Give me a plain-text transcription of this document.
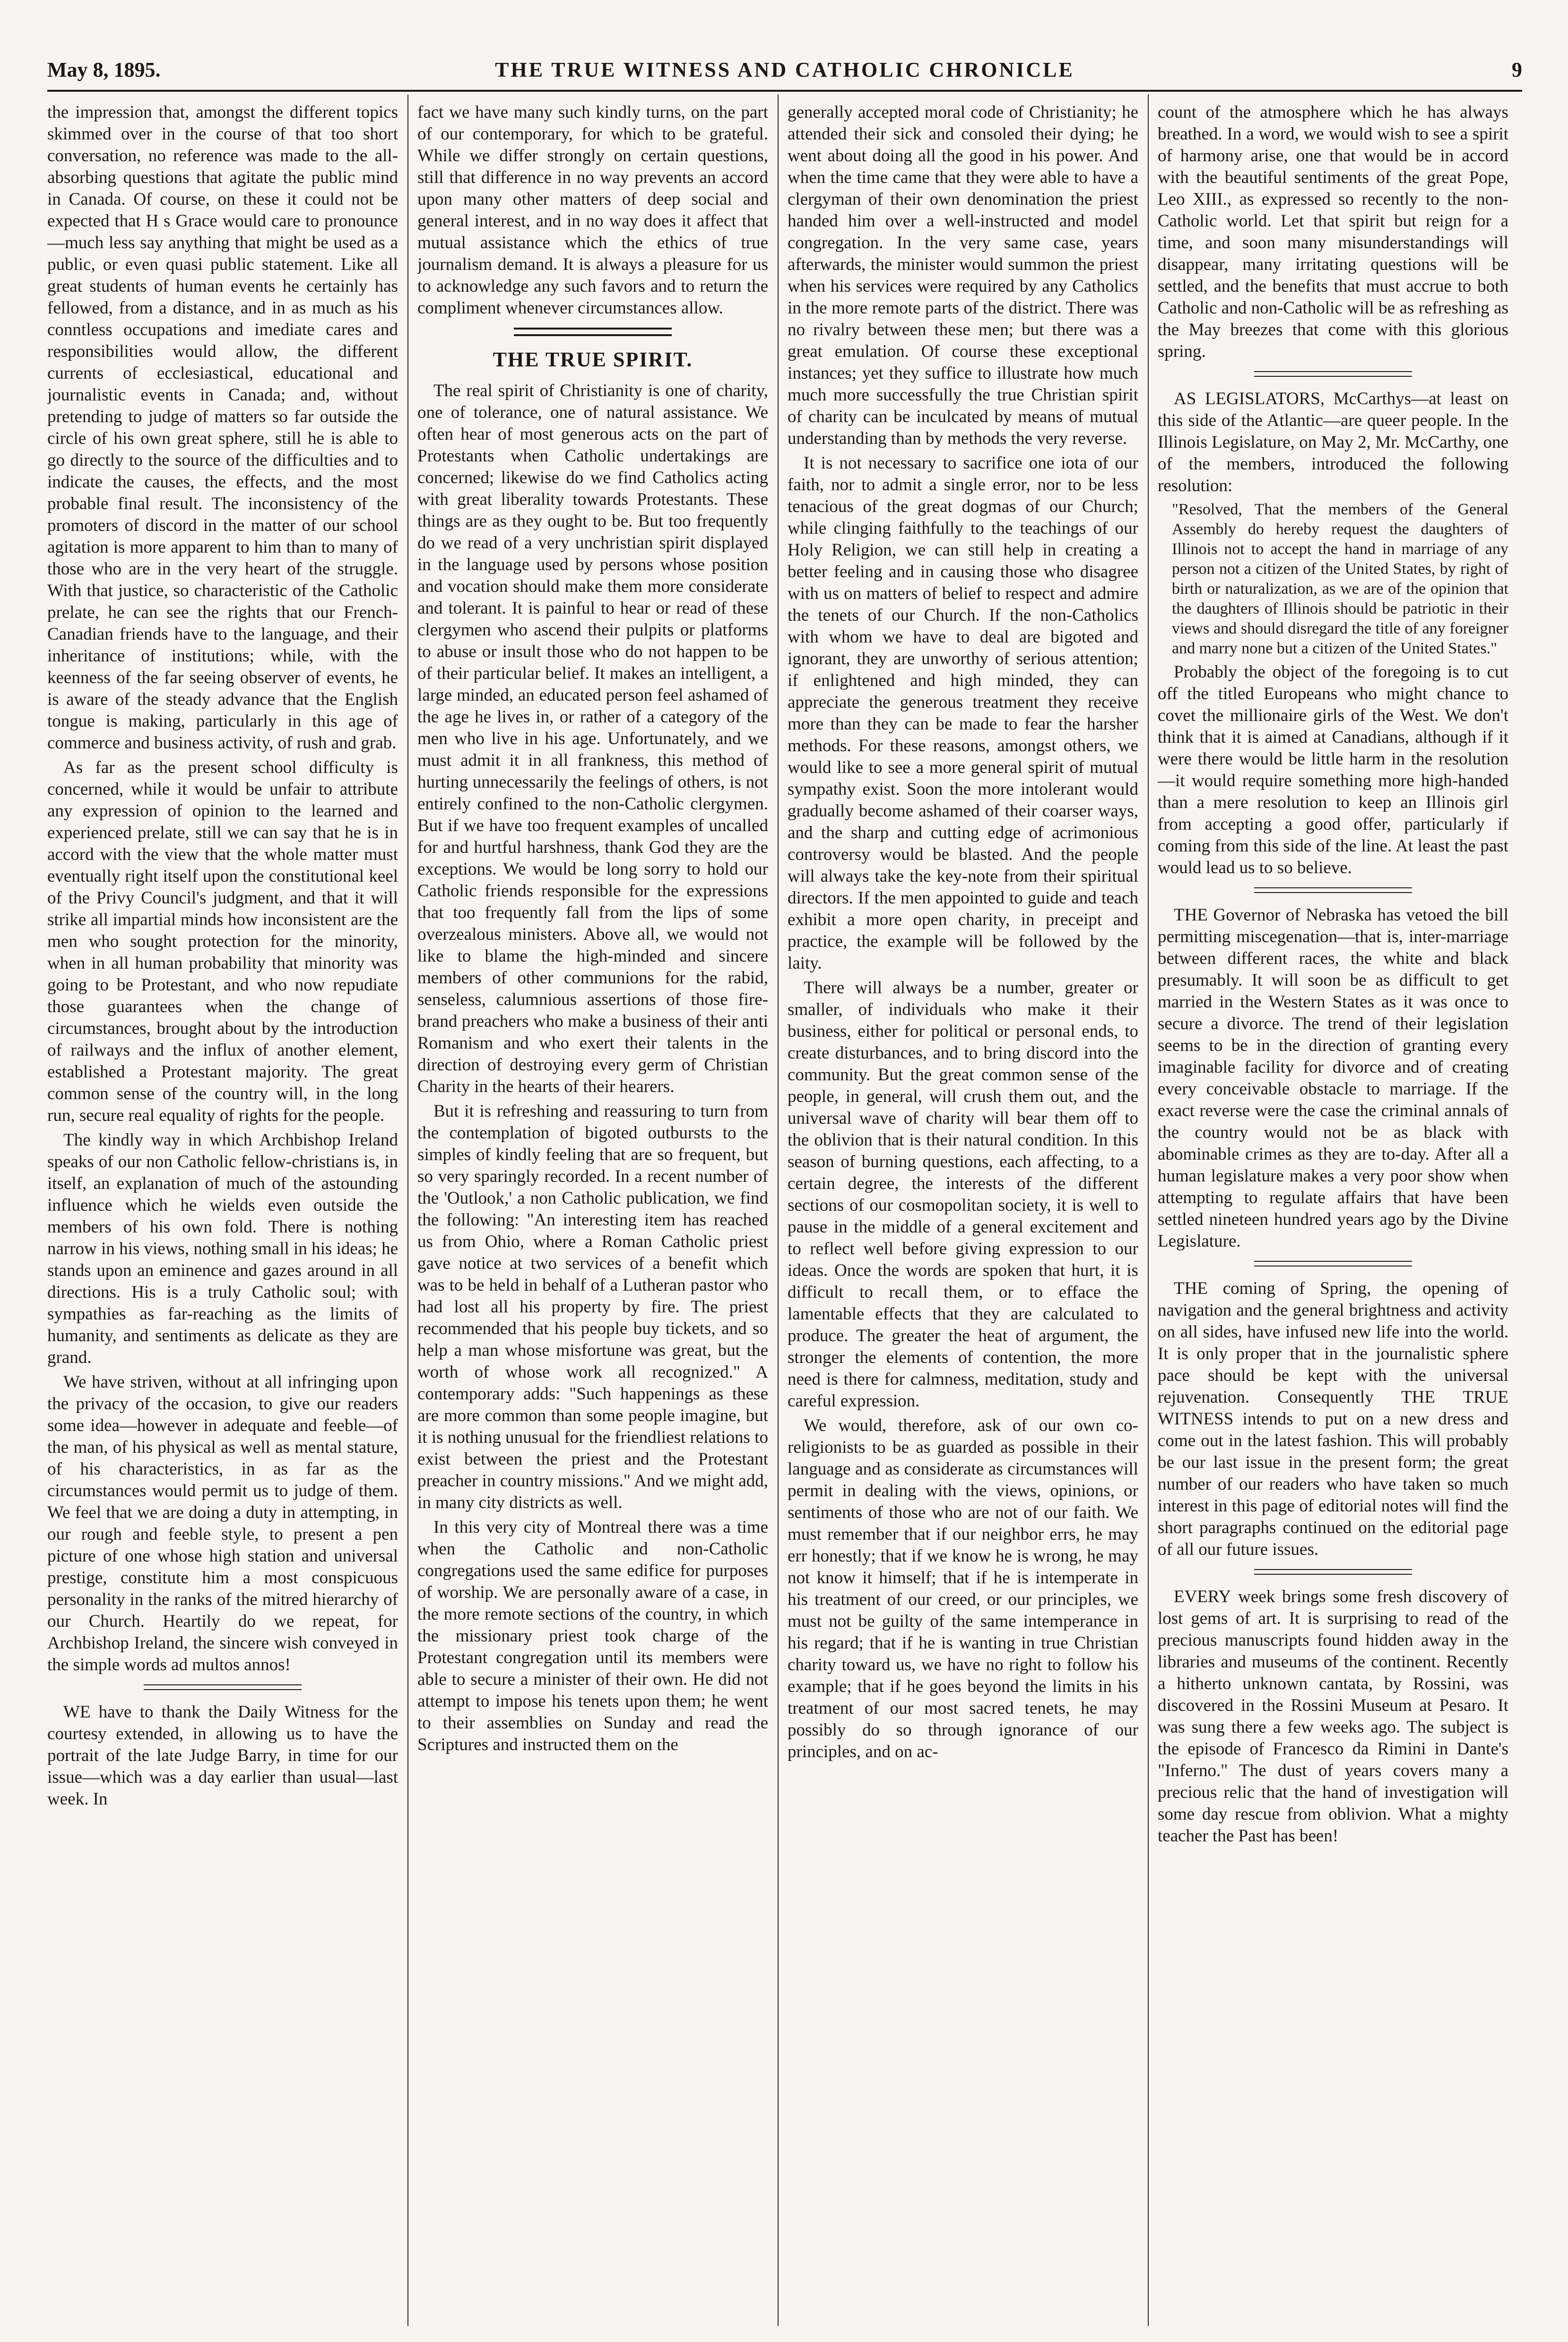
May 8, 1895.	THE TRUE WITNESS AND CATHOLIC CHRONICLE	9

the impression that, amongst the different topics skimmed over in the course of that too short conversation, no reference was made to the all-absorbing questions that agitate the public mind in Canada. Of course, on these it could not be expected that H s Grace would care to pronounce—much less say anything that might be used as a public, or even quasi public statement. Like all great students of human events he certainly has fellowed, from a distance, and in as much as his conntless occupations and imediate cares and responsibilities would allow, the different currents of ecclesiastical, educational and journalistic events in Canada; and, without pretending to judge of matters so far outside the circle of his own great sphere, still he is able to go directly to the source of the difficulties and to indicate the causes, the effects, and the most probable final result. The inconsistency of the promoters of discord in the matter of our school agitation is more apparent to him than to many of those who are in the very heart of the struggle. With that justice, so characteristic of the Catholic prelate, he can see the rights that our French-Canadian friends have to the language, and their inheritance of institutions; while, with the keenness of the far seeing observer of events, he is aware of the steady advance that the English tongue is making, particularly in this age of commerce and business activity, of rush and grab.

As far as the present school difficulty is concerned, while it would be unfair to attribute any expression of opinion to the learned and experienced prelate, still we can say that he is in accord with the view that the whole matter must eventually right itself upon the constitutional keel of the Privy Council's judgment, and that it will strike all impartial minds how inconsistent are the men who sought protection for the minority, when in all human probability that minority was going to be Protestant, and who now repudiate those guarantees when the change of circumstances, brought about by the introduction of railways and the influx of another element, established a Protestant majority. The great common sense of the country will, in the long run, secure real equality of rights for the people.

The kindly way in which Archbishop Ireland speaks of our non Catholic fellow-christians is, in itself, an explanation of much of the astounding influence which he wields even outside the members of his own fold. There is nothing narrow in his views, nothing small in his ideas; he stands upon an eminence and gazes around in all directions. His is a truly Catholic soul; with sympathies as far-reaching as the limits of humanity, and sentiments as delicate as they are grand.

We have striven, without at all infringing upon the privacy of the occasion, to give our readers some idea—however in adequate and feeble—of the man, of his physical as well as mental stature, of his characteristics, in as far as the circumstances would permit us to judge of them. We feel that we are doing a duty in attempting, in our rough and feeble style, to present a pen picture of one whose high station and universal prestige, constitute him a most conspicuous personality in the ranks of the mitred hierarchy of our Church. Heartily do we repeat, for Archbishop Ireland, the sincere wish conveyed in the simple words ad multos annos!

WE have to thank the Daily Witness for the courtesy extended, in allowing us to have the portrait of the late Judge Barry, in time for our issue—which was a day earlier than usual—last week. In

fact we have many such kindly turns, on the part of our contemporary, for which to be grateful. While we differ strongly on certain questions, still that difference in no way prevents an accord upon many other matters of deep social and general interest, and in no way does it affect that mutual assistance which the ethics of true journalism demand. It is always a pleasure for us to acknowledge any such favors and to return the compliment whenever circumstances allow.

THE TRUE SPIRIT.

The real spirit of Christianity is one of charity, one of tolerance, one of natural assistance. We often hear of most generous acts on the part of Protestants when Catholic undertakings are concerned; likewise do we find Catholics acting with great liberality towards Protestants. These things are as they ought to be. But too frequently do we read of a very unchristian spirit displayed in the language used by persons whose position and vocation should make them more considerate and tolerant. It is painful to hear or read of these clergymen who ascend their pulpits or platforms to abuse or insult those who do not happen to be of their particular belief. It makes an intelligent, a large minded, an educated person feel ashamed of the age he lives in, or rather of a category of the men who live in his age. Unfortunately, and we must admit it in all frankness, this method of hurting unnecessarily the feelings of others, is not entirely confined to the non-Catholic clergymen. But if we have too frequent examples of uncalled for and hurtful harshness, thank God they are the exceptions. We would be long sorry to hold our Catholic friends responsible for the expressions that too frequently fall from the lips of some overzealous ministers. Above all, we would not like to blame the high-minded and sincere members of other communions for the rabid, senseless, calumnious assertions of those fire-brand preachers who make a business of their anti Romanism and who exert their talents in the direction of destroying every germ of Christian Charity in the hearts of their hearers.

But it is refreshing and reassuring to turn from the contemplation of bigoted outbursts to the simples of kindly feeling that are so frequent, but so very sparingly recorded. In a recent number of the 'Outlook,' a non Catholic publication, we find the following: "An interesting item has reached us from Ohio, where a Roman Catholic priest gave notice at two services of a benefit which was to be held in behalf of a Lutheran pastor who had lost all his property by fire. The priest recommended that his people buy tickets, and so help a man whose misfortune was great, but the worth of whose work all recognized." A contemporary adds: "Such happenings as these are more common than some people imagine, but it is nothing unusual for the friendliest relations to exist between the priest and the Protestant preacher in country missions." And we might add, in many city districts as well.

In this very city of Montreal there was a time when the Catholic and non-Catholic congregations used the same edifice for purposes of worship. We are personally aware of a case, in the more remote sections of the country, in which the missionary priest took charge of the Protestant congregation until its members were able to secure a minister of their own. He did not attempt to impose his tenets upon them; he went to their assemblies on Sunday and read the Scriptures and instructed them on the

generally accepted moral code of Christianity; he attended their sick and consoled their dying; he went about doing all the good in his power. And when the time came that they were able to have a clergyman of their own denomination the priest handed him over a well-instructed and model congregation. In the very same case, years afterwards, the minister would summon the priest when his services were required by any Catholics in the more remote parts of the district. There was no rivalry between these men; but there was a great emulation. Of course these exceptional instances; yet they suffice to illustrate how much much more successfully the true Christian spirit of charity can be inculcated by means of mutual understanding than by methods the very reverse.

It is not necessary to sacrifice one iota of our faith, nor to admit a single error, nor to be less tenacious of the great dogmas of our Church; while clinging faithfully to the teachings of our Holy Religion, we can still help in creating a better feeling and in causing those who disagree with us on matters of belief to respect and admire the tenets of our Church. If the non-Catholics with whom we have to deal are bigoted and ignorant, they are unworthy of serious attention; if enlightened and high minded, they can appreciate the generous treatment they receive more than they can be made to fear the harsher methods. For these reasons, amongst others, we would like to see a more general spirit of mutual sympathy exist. Soon the more intolerant would gradually become ashamed of their coarser ways, and the sharp and cutting edge of acrimonious controversy would be blasted. And the people will always take the key-note from their spiritual directors. If the men appointed to guide and teach exhibit a more open charity, in preceipt and practice, the example will be followed by the laity.

There will always be a number, greater or smaller, of individuals who make it their business, either for political or personal ends, to create disturbances, and to bring discord into the community. But the great common sense of the people, in general, will crush them out, and the universal wave of charity will bear them off to the oblivion that is their natural condition. In this season of burning questions, each affecting, to a certain degree, the interests of the different sections of our cosmopolitan society, it is well to pause in the middle of a general excitement and to reflect well before giving expression to our ideas. Once the words are spoken that hurt, it is difficult to recall them, or to efface the lamentable effects that they are calculated to produce. The greater the heat of argument, the stronger the elements of contention, the more need is there for calmness, meditation, study and careful expression.

We would, therefore, ask of our own co-religionists to be as guarded as possible in their language and as considerate as circumstances will permit in dealing with the views, opinions, or sentiments of those who are not of our faith. We must remember that if our neighbor errs, he may err honestly; that if we know he is wrong, he may not know it himself; that if he is intemperate in his treatment of our creed, or our principles, we must not be guilty of the same intemperance in his regard; that if he is wanting in true Christian charity toward us, we have no right to follow his example; that if he goes beyond the limits in his treatment of our most sacred tenets, he may possibly do so through ignorance of our principles, and on ac-

count of the atmosphere which he has always breathed. In a word, we would wish to see a spirit of harmony arise, one that would be in accord with the beautiful sentiments of the great Pope, Leo XIII., as expressed so recently to the non-Catholic world. Let that spirit but reign for a time, and soon many misunderstandings will disappear, many irritating questions will be settled, and the benefits that must accrue to both Catholic and non-Catholic will be as refreshing as the May breezes that come with this glorious spring.

AS LEGISLATORS, McCarthys—at least on this side of the Atlantic—are queer people. In the Illinois Legislature, on May 2, Mr. McCarthy, one of the members, introduced the following resolution:

"Resolved, That the members of the General Assembly do hereby request the daughters of Illinois not to accept the hand in marriage of any person not a citizen of the United States, by right of birth or naturalization, as we are of the opinion that the daughters of Illinois should be patriotic in their views and should disregard the title of any foreigner and marry none but a citizen of the United States."

Probably the object of the foregoing is to cut off the titled Europeans who might chance to covet the millionaire girls of the West. We don't think that it is aimed at Canadians, although if it were there would be little harm in the resolution—it would require something more high-handed than a mere resolution to keep an Illinois girl from accepting a good offer, particularly if coming from this side of the line. At least the past would lead us to so believe.

THE Governor of Nebraska has vetoed the bill permitting miscegenation—that is, inter-marriage between different races, the white and black presumably. It will soon be as difficult to get married in the Western States as it was once to secure a divorce. The trend of their legislation seems to be in the direction of granting every imaginable facility for divorce and of creating every conceivable obstacle to marriage. If the exact reverse were the case the criminal annals of the country would not be as black with abominable crimes as they are to-day. After all a human legislature makes a very poor show when attempting to regulate affairs that have been settled nineteen hundred years ago by the Divine Legislature.

THE coming of Spring, the opening of navigation and the general brightness and activity on all sides, have infused new life into the world. It is only proper that in the journalistic sphere pace should be kept with the universal rejuvenation. Consequently THE TRUE WITNESS intends to put on a new dress and come out in the latest fashion. This will probably be our last issue in the present form; the great number of our readers who have taken so much interest in this page of editorial notes will find the short paragraphs continued on the editorial page of all our future issues.

EVERY week brings some fresh discovery of lost gems of art. It is surprising to read of the precious manuscripts found hidden away in the libraries and museums of the continent. Recently a hitherto unknown cantata, by Rossini, was discovered in the Rossini Museum at Pesaro. It was sung there a few weeks ago. The subject is the episode of Francesco da Rimini in Dante's "Inferno." The dust of years covers many a precious relic that the hand of investigation will some day rescue from oblivion. What a mighty teacher the Past has been!
